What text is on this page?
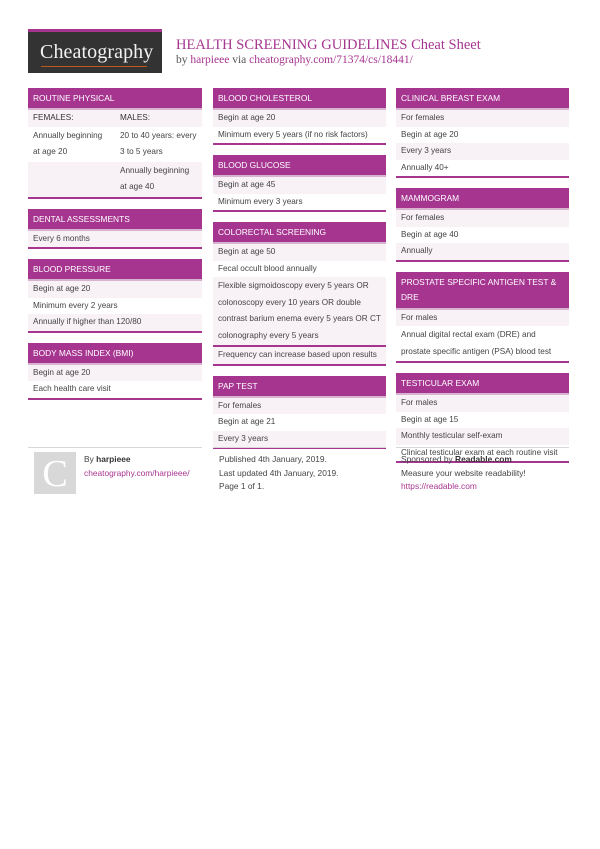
Cheatography HEALTH SCREENING GUIDELINES Cheat Sheet
by harpieee via cheatography.com/71374/cs/18441/
ROUTINE PHYSICAL
FEMALES:	MALES:
Annually beginning at age 20
20 to 40 years: every 3 to 5 years
Annually beginning at age 40
DENTAL ASSESSMENTS
Every 6 months
BLOOD PRESSURE
Begin at age 20
Minimum every 2 years
Annually if higher than 120/80
BODY MASS INDEX (BMI)
Begin at age 20
Each health care visit
BLOOD CHOLESTEROL
Begin at age 20
Minimum every 5 years (if no risk factors)
BLOOD GLUCOSE
Begin at age 45
Minimum every 3 years
COLORECTAL SCREENING
Begin at age 50
Fecal occult blood annually
Flexible sigmoidoscopy every 5 years OR colonoscopy every 10 years OR double contrast barium enema every 5 years OR CT colonography every 5 years
Frequency can increase based upon results
PAP TEST
For females
Begin at age 21
Every 3 years
CLINICAL BREAST EXAM
For females
Begin at age 20
Every 3 years
Annually 40+
MAMMOGRAM
For females
Begin at age 40
Annually
PROSTATE SPECIFIC ANTIGEN TEST & DRE
For males
Annual digital rectal exam (DRE) and prostate specific antigen (PSA) blood test
TESTICULAR EXAM
For males
Begin at age 15
Monthly testicular self-exam
Clinical testicular exam at each routine visit
C	By harpieee
cheatography.com/harpieee/
Published 4th January, 2019.
Last updated 4th January, 2019.
Page 1 of 1.
Sponsored by Readable.com
Measure your website readability!
https://readable.com
